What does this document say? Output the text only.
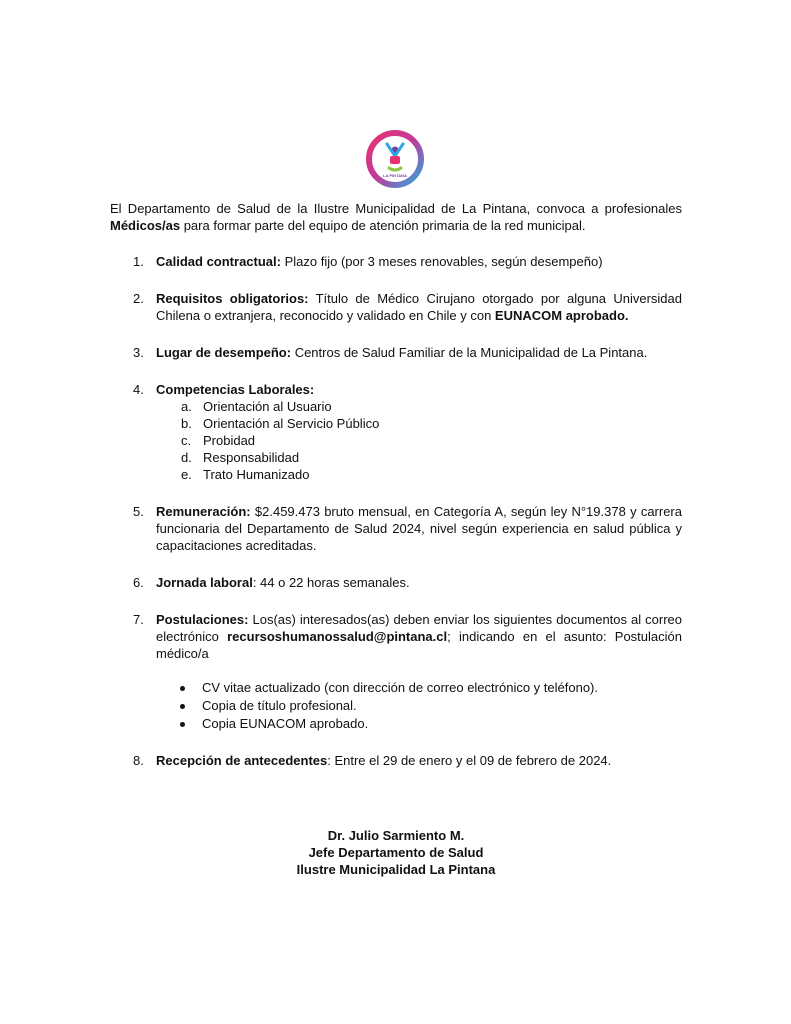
LA PINTANA
El Departamento de Salud de la Ilustre Municipalidad de La Pintana, convoca a profesionales Médicos/as para formar parte del equipo de atención primaria de la red municipal.
1. Calidad contractual: Plazo fijo (por 3 meses renovables, según desempeño)
2. Requisitos obligatorios: Título de Médico Cirujano otorgado por alguna Universidad Chilena o extranjera, reconocido y validado en Chile y con EUNACOM aprobado.
3. Lugar de desempeño: Centros de Salud Familiar de la Municipalidad de La Pintana.
4. Competencias Laborales:
a. Orientación al Usuario
b. Orientación al Servicio Público
c. Probidad
d. Responsabilidad
e. Trato Humanizado
5. Remuneración: $2.459.473 bruto mensual, en Categoría A, según ley N°19.378 y carrera funcionaria del Departamento de Salud 2024, nivel según experiencia en salud pública y capacitaciones acreditadas.
6. Jornada laboral: 44 o 22 horas semanales.
7. Postulaciones: Los(as) interesados(as) deben enviar los siguientes documentos al correo electrónico recursoshumanossalud@pintana.cl; indicando en el asunto: Postulación médico/a
CV vitae actualizado (con dirección de correo electrónico y teléfono).
Copia de título profesional.
Copia EUNACOM aprobado.
8. Recepción de antecedentes: Entre el 29 de enero y el 09 de febrero de 2024.
Dr. Julio Sarmiento M.
Jefe Departamento de Salud
Ilustre Municipalidad La Pintana
